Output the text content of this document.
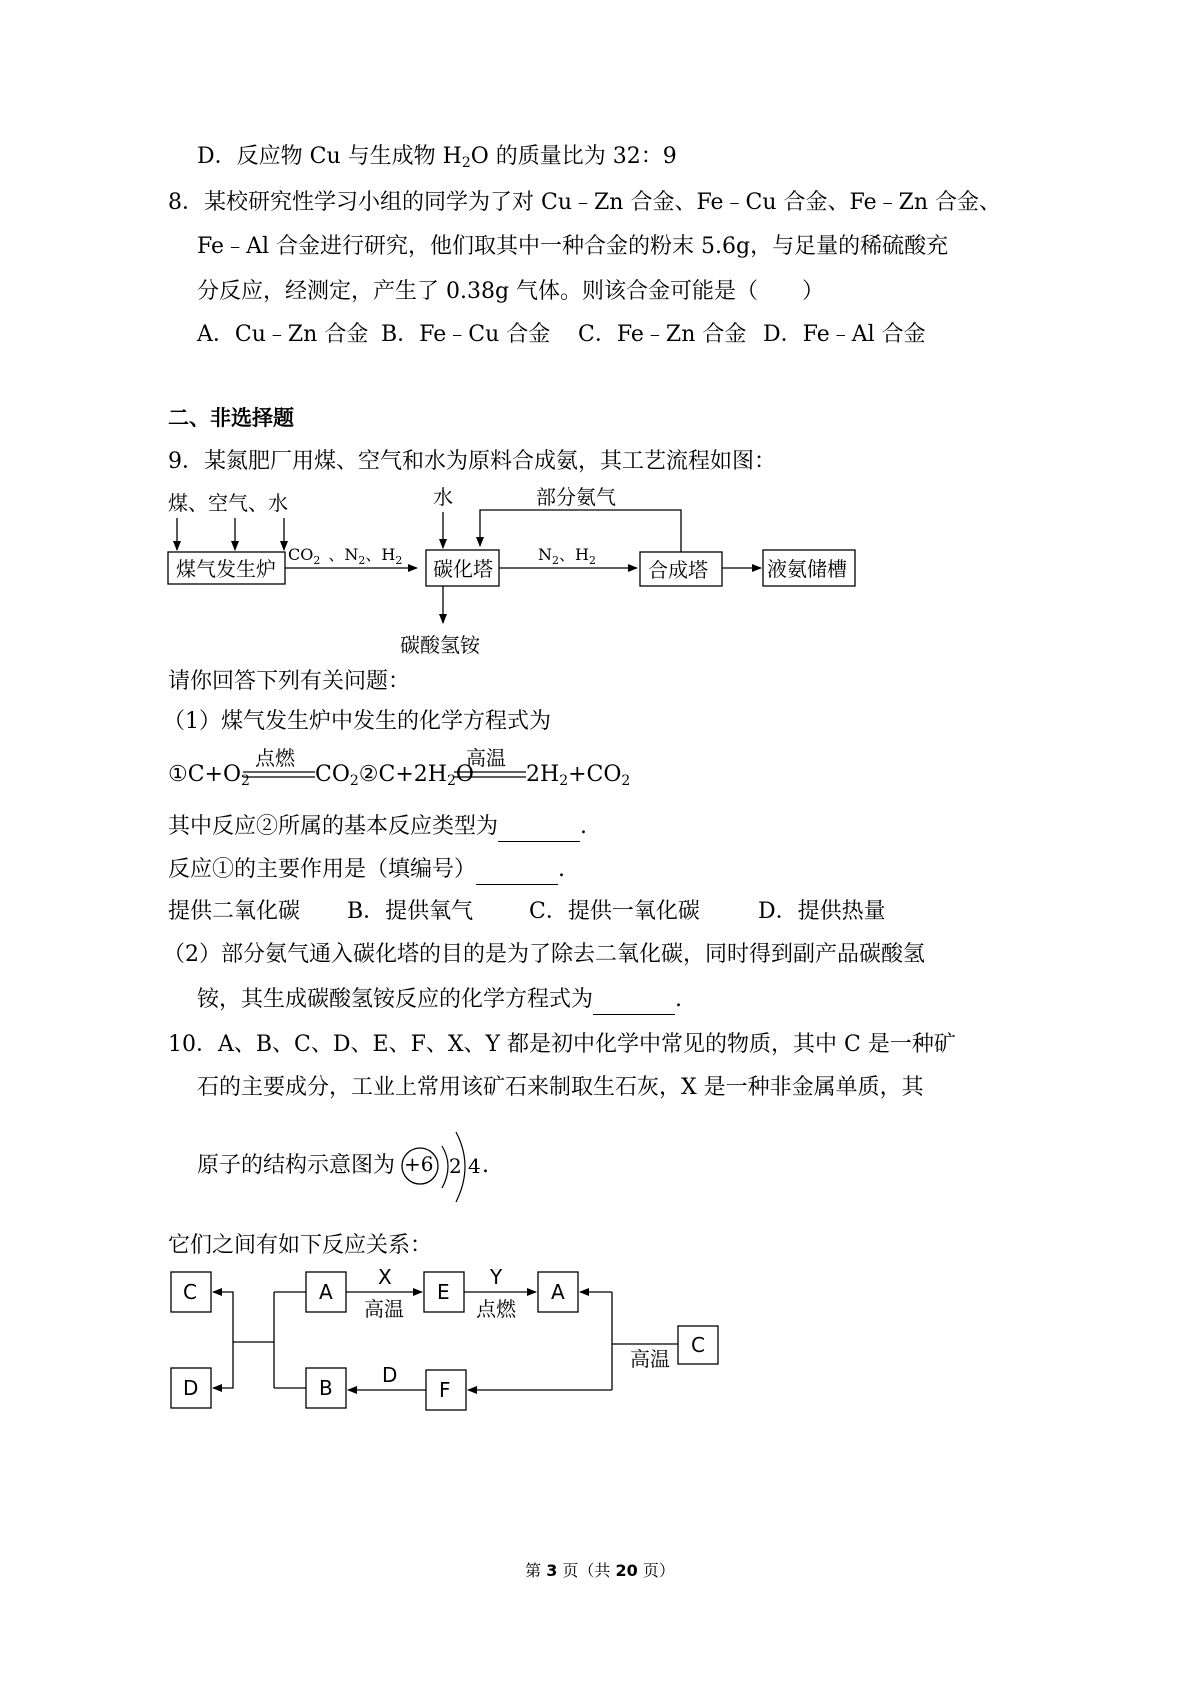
D．反应物 Cu 与生成物 $H_2O$ 的质量比为 32：9
8．某校研究性学习小组的同学为了对 Cu﹣Zn 合金、Fe﹣Cu 合金、Fe﹣Zn 合金、
Fe﹣Al 合金进行研究，他们取其中一种合金的粉末 5.6g，与足量的稀硫酸充
分反应，经测定，产生了 0.38g 气体。则该合金可能是（　　）
A．Cu﹣Zn 合金 B．Fe﹣Cu 合金 C．Fe﹣Zn 合金 D．Fe﹣Al 合金
二、非选择题
9．某氮肥厂用煤、空气和水为原料合成氨，其工艺流程如图：
煤、空气、水
煤气发生炉
$CO_2$ 、$N_2$、$H_2$
水	部分氨气
碳化塔
$N_2$、$H_2$	合成塔	液氨储槽
碳酸氢铵
请你回答下列有关问题：
（1）煤气发生炉中发生的化学方程式为
$①C+O_2$
点燃
$CO_2②C+2H_2O$
高温
$2H_2+CO_2$
其中反应②所属的基本反应类型为	.
反应①的主要作用是（填编号）	.
提供二氧化碳 B．提供氧气	C．提供一氧化碳	D．提供热量
（2）部分氨气通入碳化塔的目的是为了除去二氧化碳，同时得到副产品碳酸氢
铵，其生成碳酸氢铵反应的化学方程式为	.
10．A、B、C、D、E、F、X、Y 都是初中化学中常见的物质，其中 C 是一种矿
石的主要成分，工业上常用该矿石来制取生石灰，X 是一种非金属单质，其
原子的结构示意图为 +6 2 4 .
它们之间有如下反应关系：
C
D
A
B
X
高温
E
Y
点燃
A
F
D
C
高温
第 3 页（共 20 页）
